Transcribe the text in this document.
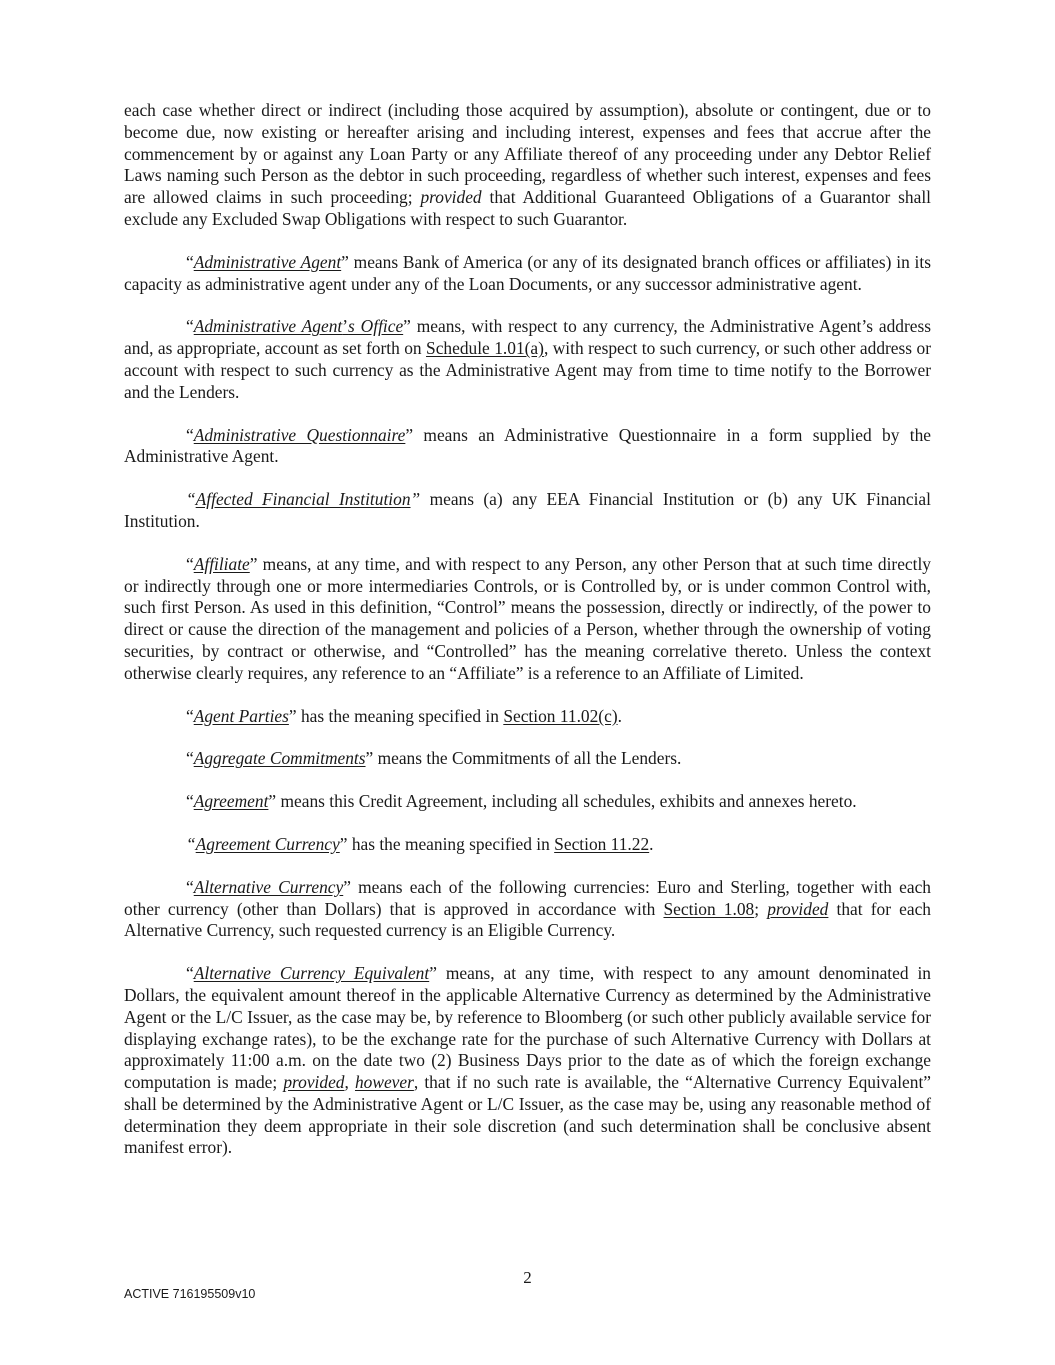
each case whether direct or indirect (including those acquired by assumption), absolute or contingent, due or to become due, now existing or hereafter arising and including interest, expenses and fees that accrue after the commencement by or against any Loan Party or any Affiliate thereof of any proceeding under any Debtor Relief Laws naming such Person as the debtor in such proceeding, regardless of whether such interest, expenses and fees are allowed claims in such proceeding; provided that Additional Guaranteed Obligations of a Guarantor shall exclude any Excluded Swap Obligations with respect to such Guarantor.

“Administrative Agent” means Bank of America (or any of its designated branch offices or affiliates) in its capacity as administrative agent under any of the Loan Documents, or any successor administrative agent.

“Administrative Agent’s Office” means, with respect to any currency, the Administrative Agent’s address and, as appropriate, account as set forth on Schedule 1.01(a), with respect to such currency, or such other address or account with respect to such currency as the Administrative Agent may from time to time notify to the Borrower and the Lenders.

“Administrative Questionnaire” means an Administrative Questionnaire in a form supplied by the Administrative Agent.

“Affected Financial Institution” means (a) any EEA Financial Institution or (b) any UK Financial Institution.

“Affiliate” means, at any time, and with respect to any Person, any other Person that at such time directly or indirectly through one or more intermediaries Controls, or is Controlled by, or is under common Control with, such first Person. As used in this definition, “Control” means the possession, directly or indirectly, of the power to direct or cause the direction of the management and policies of a Person, whether through the ownership of voting securities, by contract or otherwise, and “Controlled” has the meaning correlative thereto. Unless the context otherwise clearly requires, any reference to an “Affiliate” is a reference to an Affiliate of Limited.

“Agent Parties” has the meaning specified in Section 11.02(c).

“Aggregate Commitments” means the Commitments of all the Lenders.

“Agreement” means this Credit Agreement, including all schedules, exhibits and annexes hereto.

“Agreement Currency” has the meaning specified in Section 11.22.

“Alternative Currency” means each of the following currencies: Euro and Sterling, together with each other currency (other than Dollars) that is approved in accordance with Section 1.08; provided that for each Alternative Currency, such requested currency is an Eligible Currency.

“Alternative Currency Equivalent” means, at any time, with respect to any amount denominated in Dollars, the equivalent amount thereof in the applicable Alternative Currency as determined by the Administrative Agent or the L/C Issuer, as the case may be, by reference to Bloomberg (or such other publicly available service for displaying exchange rates), to be the exchange rate for the purchase of such Alternative Currency with Dollars at approximately 11:00 a.m. on the date two (2) Business Days prior to the date as of which the foreign exchange computation is made; provided, however, that if no such rate is available, the “Alternative Currency Equivalent” shall be determined by the Administrative Agent or L/C Issuer, as the case may be, using any reasonable method of determination they deem appropriate in their sole discretion (and such determination shall be conclusive absent manifest error).

2
ACTIVE 716195509v10
